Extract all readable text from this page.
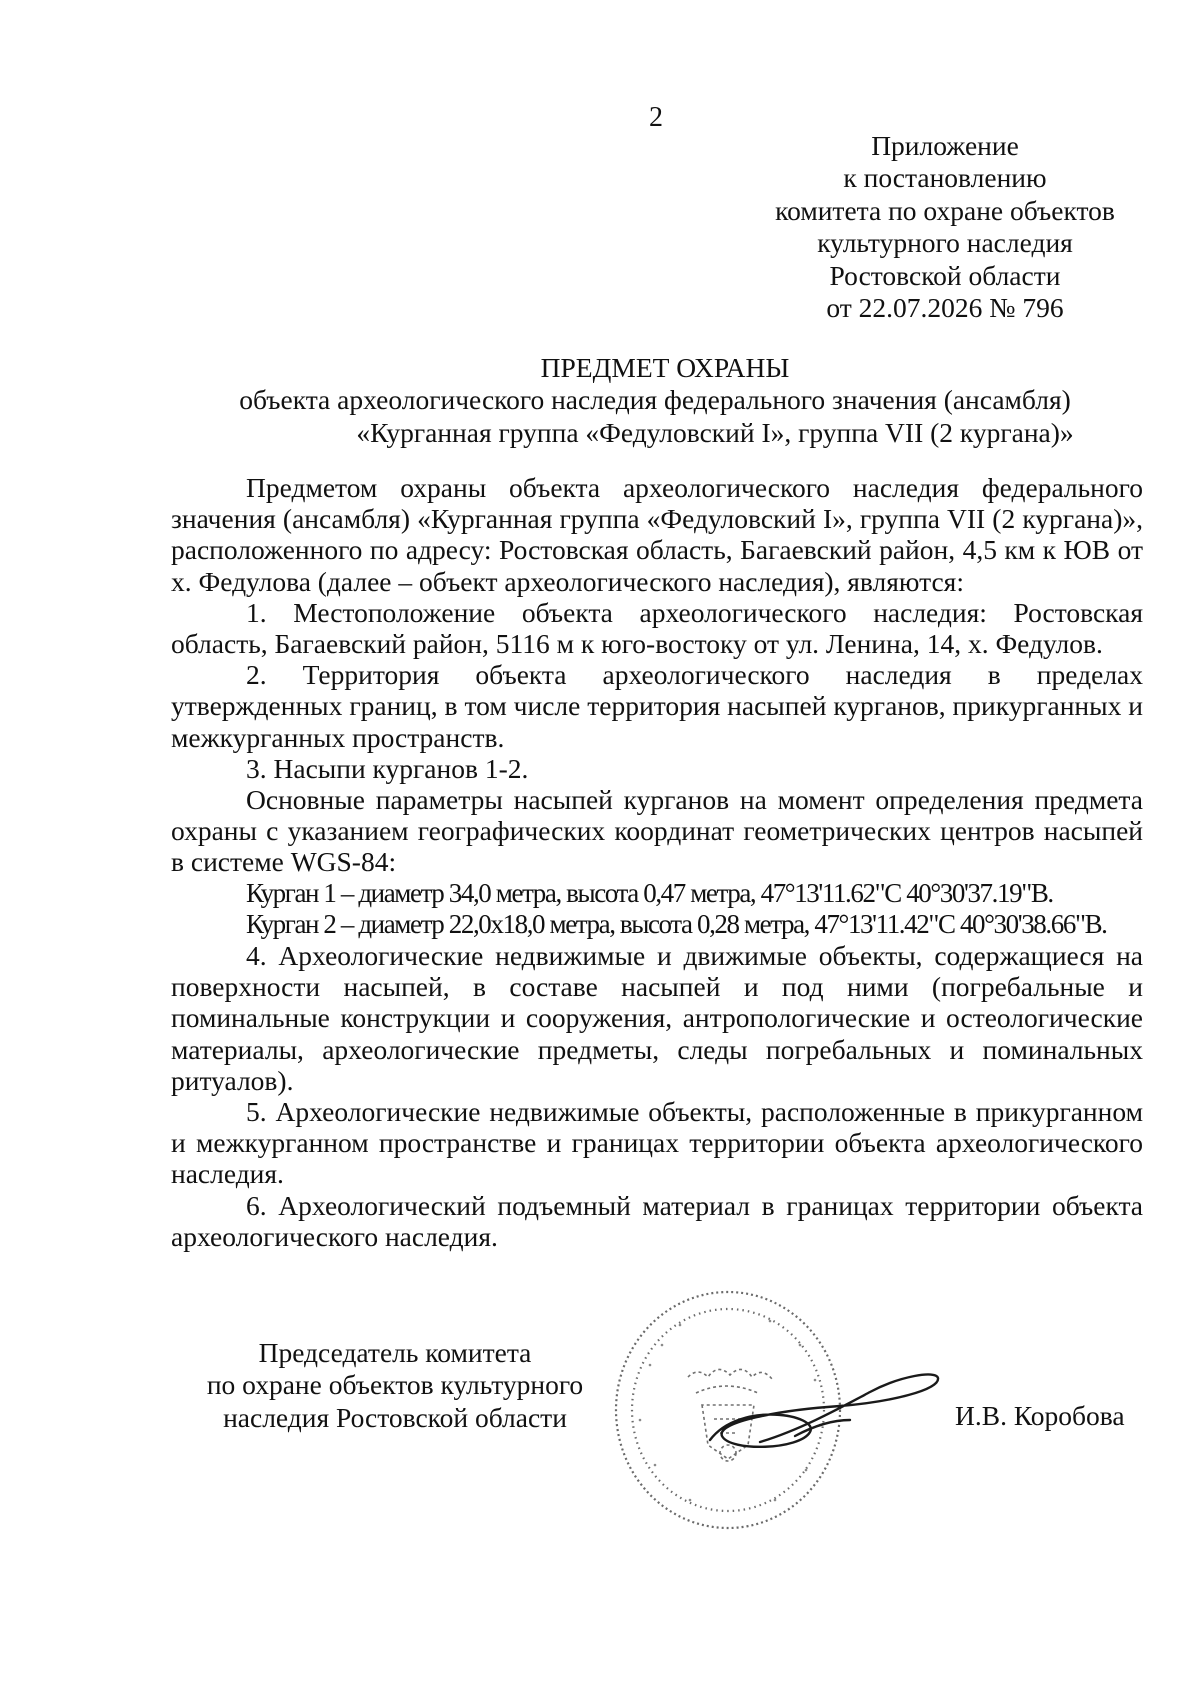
2
Приложение
к постановлению
комитета по охране объектов
культурного наследия
Ростовской области
от 22.07.2026 № 796
ПРЕДМЕТ ОХРАНЫ
объекта археологического наследия федерального значения (ансамбля)
«Курганная группа «Федуловский I», группа VII (2 кургана)»

Предметом охраны объекта археологического наследия федерального значения (ансамбля) «Курганная группа «Федуловский I», группа VII (2 кургана)», расположенного по адресу: Ростовская область, Багаевский район, 4,5 км к ЮВ от х. Федулова (далее – объект археологического наследия), являются:

1. Местоположение объекта археологического наследия: Ростовская область, Багаевский район, 5116 м к юго-востоку от ул. Ленина, 14, х. Федулов.

2. Территория объекта археологического наследия в пределах утвержденных границ, в том числе территория насыпей курганов, прикурганных и межкурганных пространств.

3. Насыпи курганов 1-2.

Основные параметры насыпей курганов на момент определения предмета охраны с указанием географических координат геометрических центров насыпей в системе WGS-84:

Курган 1 – диаметр 34,0 метра, высота 0,47 метра, 47°13'11.62"С 40°30'37.19"В.

Курган 2 – диаметр 22,0х18,0 метра, высота 0,28 метра, 47°13'11.42"С 40°30'38.66"В.

4. Археологические недвижимые и движимые объекты, содержащиеся на поверхности насыпей, в составе насыпей и под ними (погребальные и поминальные конструкции и сооружения, антропологические и остеологические материалы, археологические предметы, следы погребальных и поминальных ритуалов).

5. Археологические недвижимые объекты, расположенные в прикурганном и межкурганном пространстве и границах территории объекта археологического наследия.

6. Археологический подъемный материал в границах территории объекта археологического наследия.

Председатель комитета
по охране объектов культурного
наследия Ростовской области	И.В. Коробова
